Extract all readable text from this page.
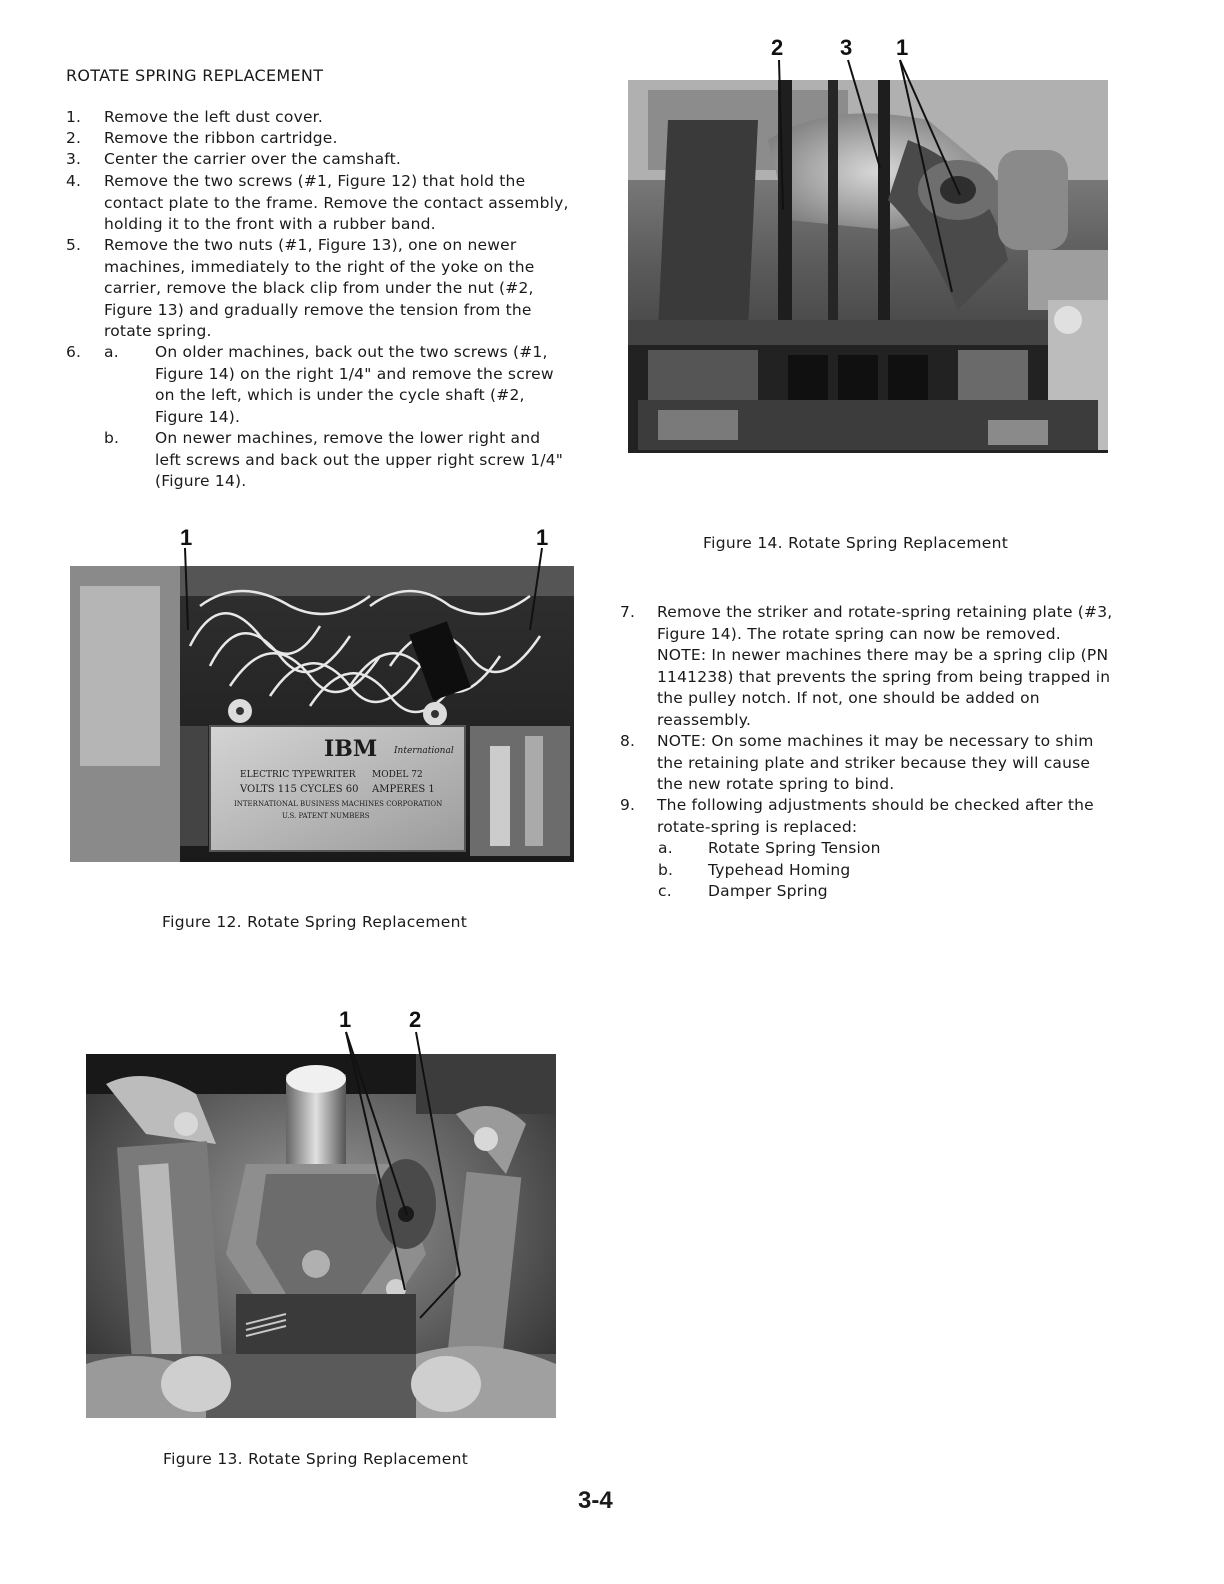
ROTATE SPRING REPLACEMENT
1. Remove the left dust cover.
2. Remove the ribbon cartridge.
3. Center the carrier over the camshaft.
4. Remove the two screws (#1, Figure 12) that hold the contact plate to the frame. Remove the contact assembly, holding it to the front with a rubber band.
5. Remove the two nuts (#1, Figure 13), one on newer machines, immediately to the right of the yoke on the carrier, remove the black clip from under the nut (#2, Figure 13) and gradually remove the tension from the rotate spring.
6. a. On older machines, back out the two screws (#1, Figure 14) on the right 1/4" and remove the screw on the left, which is under the cycle shaft (#2, Figure 14).
b. On newer machines, remove the lower right and left screws and back out the upper right screw 1/4" (Figure 14).
7. Remove the striker and rotate-spring retaining plate (#3, Figure 14). The rotate spring can now be removed.
NOTE: In newer machines there may be a spring clip (PN 1141238) that prevents the spring from being trapped in the pulley notch. If not, one should be added on reassembly.
8. NOTE: On some machines it may be necessary to shim the retaining plate and striker because they will cause the new rotate spring to bind.
9. The following adjustments should be checked after the rotate-spring is replaced:
a. Rotate Spring Tension
b. Typehead Homing
c. Damper Spring
2	3 1
Figure 14. Rotate Spring Replacement
IBM International
ELECTRIC TYPEWRITER MODEL 72
VOLTS 115 CYCLES 60 AMPERES 1
INTERNATIONAL BUSINESS MACHINES CORPORATION
U.S. PATENT NUMBERS
1	1
Figure 12. Rotate Spring Replacement
1	2
Figure 13. Rotate Spring Replacement
3-4
